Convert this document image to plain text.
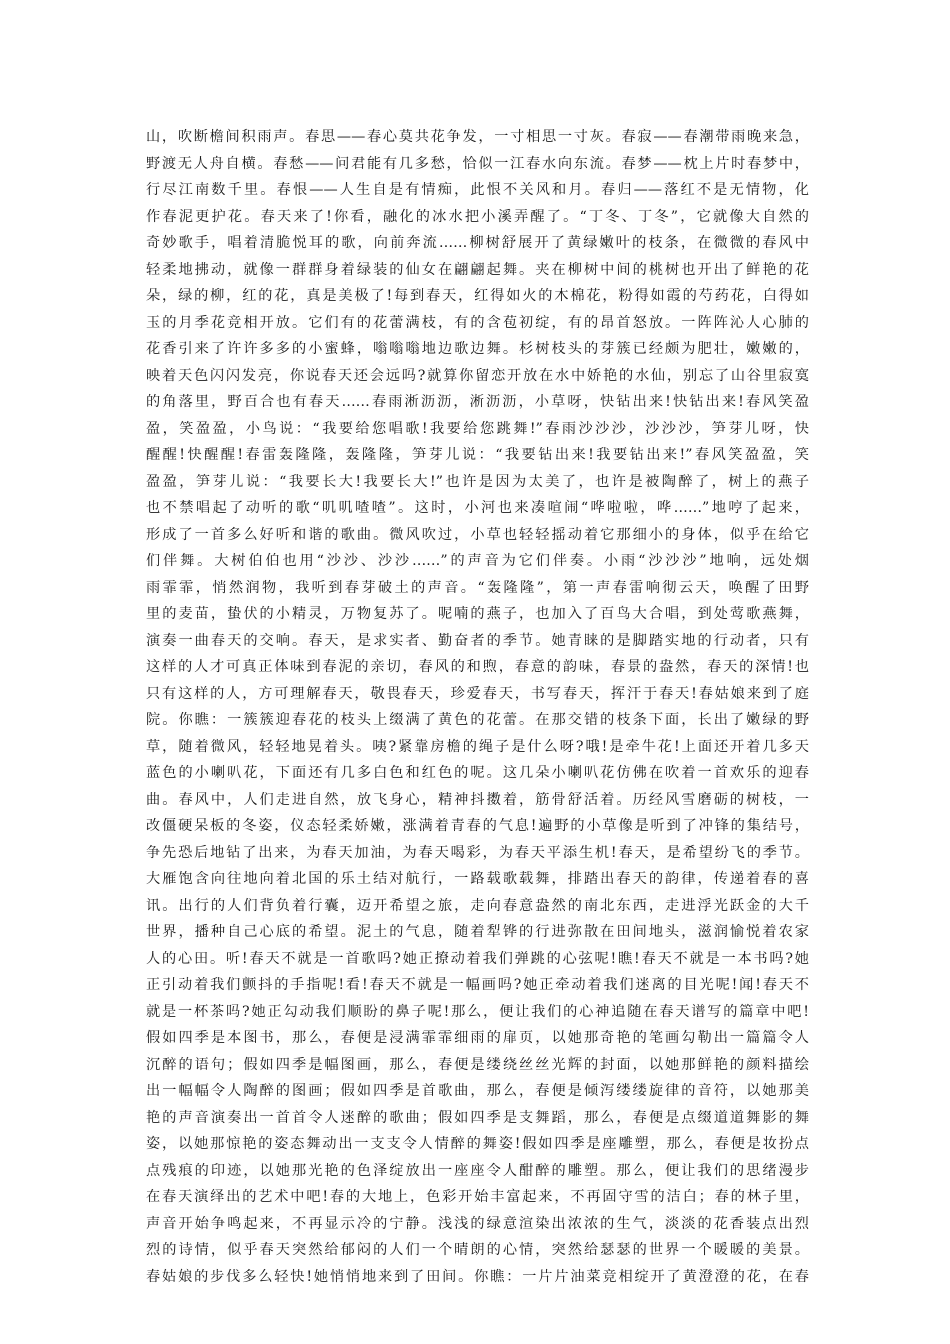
山，吹断檐间积雨声。春思——春心莫共花争发，一寸相思一寸灰。春寂——春潮带雨晚来急，
野渡无人舟自横。春愁——问君能有几多愁，恰似一江春水向东流。春梦——枕上片时春梦中，
行尽江南数千里。春恨——人生自是有情痴，此恨不关风和月。春归——落红不是无情物，化
作春泥更护花。春天来了!你看，融化的冰水把小溪弄醒了。“丁冬、丁冬”，它就像大自然的
奇妙歌手，唱着清脆悦耳的歌，向前奔流……柳树舒展开了黄绿嫩叶的枝条，在微微的春风中
轻柔地拂动，就像一群群身着绿装的仙女在翩翩起舞。夹在柳树中间的桃树也开出了鲜艳的花
朵，绿的柳，红的花，真是美极了!每到春天，红得如火的木棉花，粉得如霞的芍药花，白得如
玉的月季花竞相开放。它们有的花蕾满枝，有的含苞初绽，有的昂首怒放。一阵阵沁人心肺的
花香引来了许许多多的小蜜蜂，嗡嗡嗡地边歌边舞。杉树枝头的芽簇已经颇为肥壮，嫩嫩的，
映着天色闪闪发亮，你说春天还会远吗?就算你留恋开放在水中娇艳的水仙，别忘了山谷里寂寞
的角落里，野百合也有春天……春雨淅沥沥，淅沥沥，小草呀，快钻出来!快钻出来!春风笑盈
盈，笑盈盈，小鸟说：“我要给您唱歌!我要给您跳舞!”春雨沙沙沙，沙沙沙，笋芽儿呀，快
醒醒!快醒醒!春雷轰隆隆，轰隆隆，笋芽儿说：“我要钻出来!我要钻出来!”春风笑盈盈，笑
盈盈，笋芽儿说：“我要长大!我要长大!”也许是因为太美了，也许是被陶醉了，树上的燕子
也不禁唱起了动听的歌“叽叽喳喳”。这时，小河也来凑喧闹“哗啦啦，哗……”地哼了起来，
形成了一首多么好听和谐的歌曲。微风吹过，小草也轻轻摇动着它那细小的身体，似乎在给它
们伴舞。大树伯伯也用“沙沙、沙沙……”的声音为它们伴奏。小雨“沙沙沙”地响，远处烟
雨霏霏，悄然润物，我听到春芽破土的声音。“轰隆隆”，第一声春雷响彻云天，唤醒了田野
里的麦苗，蛰伏的小精灵，万物复苏了。呢喃的燕子，也加入了百鸟大合唱，到处莺歌燕舞，
演奏一曲春天的交响。春天，是求实者、勤奋者的季节。她青睐的是脚踏实地的行动者，只有
这样的人才可真正体味到春泥的亲切，春风的和煦，春意的韵味，春景的盎然，春天的深情!也
只有这样的人，方可理解春天，敬畏春天，珍爱春天，书写春天，挥汗于春天!春姑娘来到了庭
院。你瞧：一簇簇迎春花的枝头上缀满了黄色的花蕾。在那交错的枝条下面，长出了嫩绿的野
草，随着微风，轻轻地晃着头。咦?紧靠房檐的绳子是什么呀?哦!是牵牛花!上面还开着几多天
蓝色的小喇叭花，下面还有几多白色和红色的呢。这几朵小喇叭花仿佛在吹着一首欢乐的迎春
曲。春风中，人们走进自然，放飞身心，精神抖擞着，筋骨舒活着。历经风雪磨砺的树枝，一
改僵硬呆板的冬姿，仪态轻柔娇嫩，涨满着青春的气息!遍野的小草像是听到了冲锋的集结号，
争先恐后地钻了出来，为春天加油，为春天喝彩，为春天平添生机!春天，是希望纷飞的季节。
大雁饱含向往地向着北国的乐土结对航行，一路载歌载舞，排踏出春天的韵律，传递着春的喜
讯。出行的人们背负着行囊，迈开希望之旅，走向春意盎然的南北东西，走进浮光跃金的大千
世界，播种自己心底的希望。泥土的气息，随着犁铧的行进弥散在田间地头，滋润愉悦着农家
人的心田。听!春天不就是一首歌吗?她正撩动着我们弹跳的心弦呢!瞧!春天不就是一本书吗?她
正引动着我们颤抖的手指呢!看!春天不就是一幅画吗?她正牵动着我们迷离的目光呢!闻!春天不
就是一杯茶吗?她正勾动我们顺盼的鼻子呢!那么，便让我们的心神追随在春天谱写的篇章中吧!
假如四季是本图书，那么，春便是浸满霏霏细雨的扉页，以她那奇艳的笔画勾勒出一篇篇令人
沉醉的语句；假如四季是幅图画，那么，春便是缕绕丝丝光辉的封面，以她那鲜艳的颜料描绘
出一幅幅令人陶醉的图画；假如四季是首歌曲，那么，春便是倾泻缕缕旋律的音符，以她那美
艳的声音演奏出一首首令人迷醉的歌曲；假如四季是支舞蹈，那么，春便是点缀道道舞影的舞
姿，以她那惊艳的姿态舞动出一支支令人情醉的舞姿!假如四季是座雕塑，那么，春便是妆扮点
点残痕的印迹，以她那光艳的色泽绽放出一座座令人酣醉的雕塑。那么，便让我们的思绪漫步
在春天演绎出的艺术中吧!春的大地上，色彩开始丰富起来，不再固守雪的洁白；春的林子里，
声音开始争鸣起来，不再显示冷的宁静。浅浅的绿意渲染出浓浓的生气，淡淡的花香装点出烈
烈的诗情，似乎春天突然给郁闷的人们一个晴朗的心情，突然给瑟瑟的世界一个暖暖的美景。
春姑娘的步伐多么轻快!她悄悄地来到了田间。你瞧：一片片油菜竞相绽开了黄澄澄的花，在春
